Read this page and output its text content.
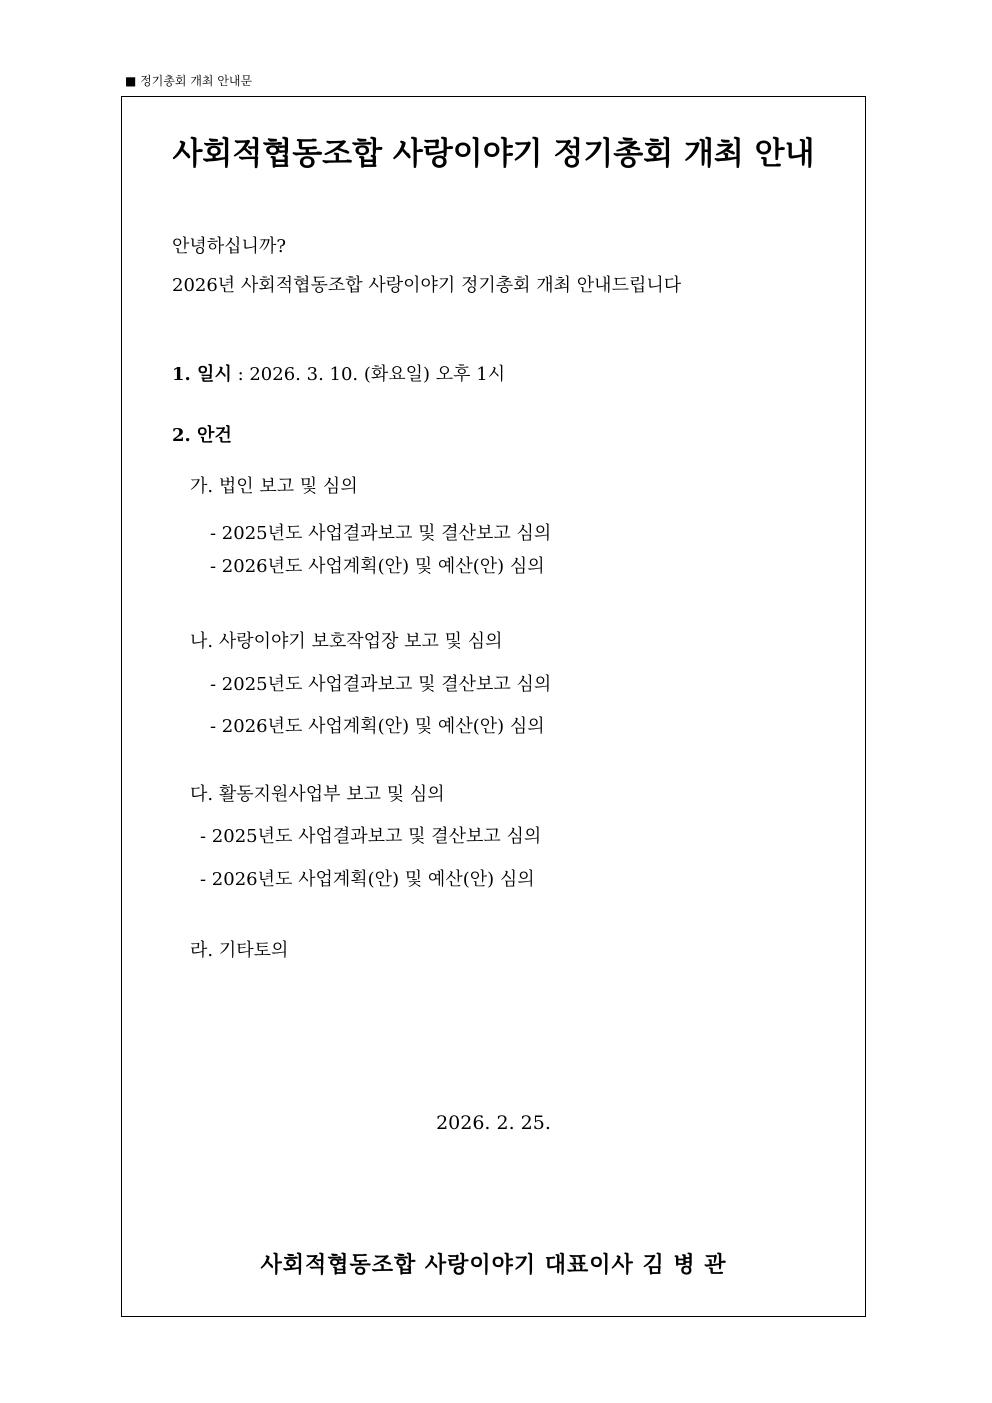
■ 정기총회 개최 안내문
사회적협동조합 사랑이야기 정기총회 개최 안내
안녕하십니까?
2026년 사회적협동조합 사랑이야기 정기총회 개최 안내드립니다
1. 일시 : 2026. 3. 10. (화요일) 오후 1시
2. 안건
가. 법인 보고 및 심의
- 2025년도 사업결과보고 및 결산보고 심의
- 2026년도 사업계획(안) 및 예산(안) 심의
나. 사랑이야기 보호작업장 보고 및 심의
- 2025년도 사업결과보고 및 결산보고 심의
- 2026년도 사업계획(안) 및 예산(안) 심의
다. 활동지원사업부 보고 및 심의
- 2025년도 사업결과보고 및 결산보고 심의
- 2026년도 사업계획(안) 및 예산(안) 심의
라. 기타토의
2026. 2. 25.
사회적협동조합 사랑이야기 대표이사 김 병 관
